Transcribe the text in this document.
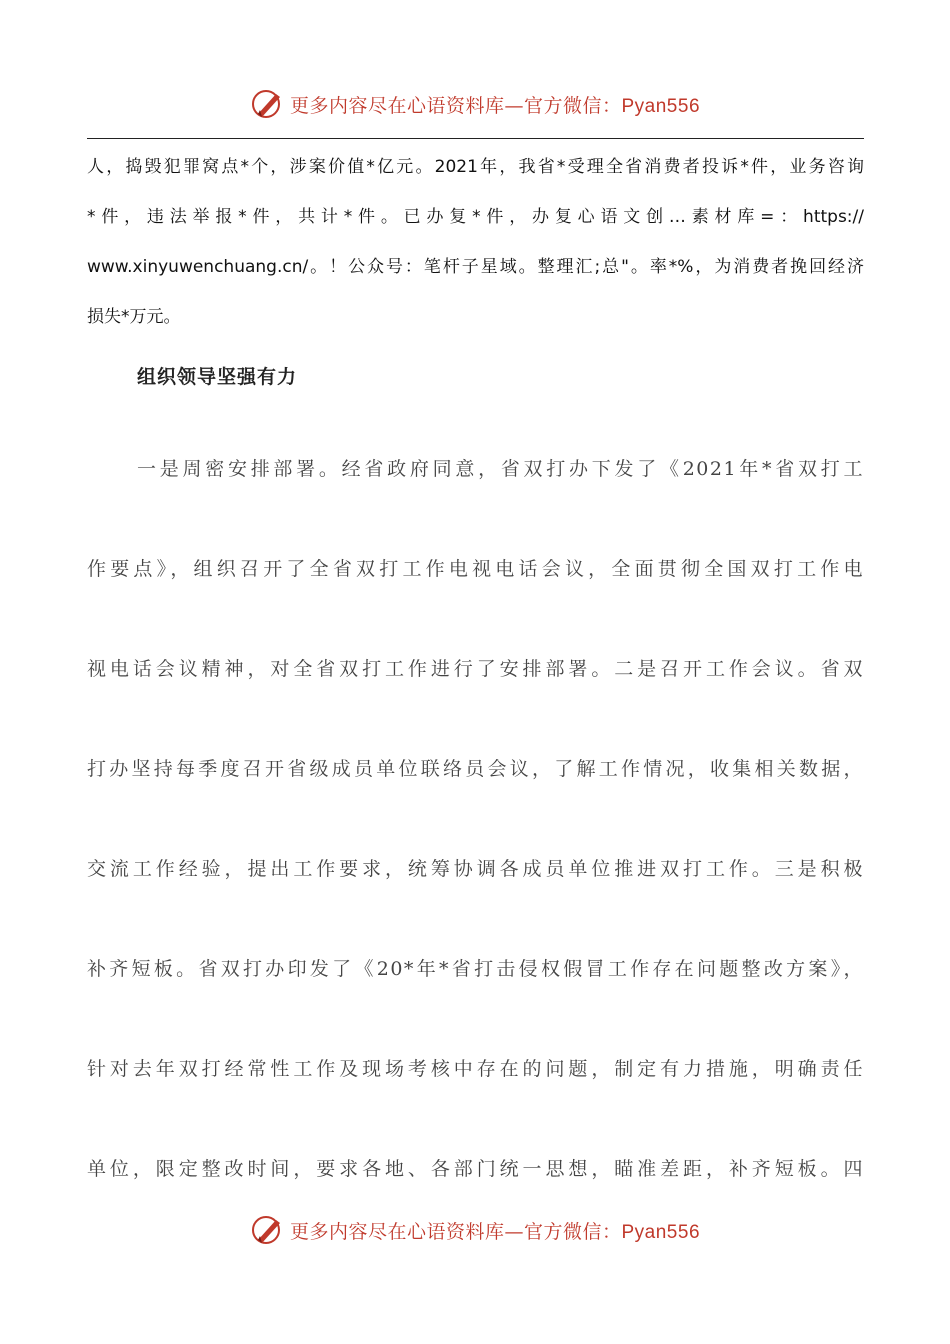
更多内容尽在心语资料库—官方微信：Pyan556
人，捣毁犯罪窝点*个，涉案价值*亿元。2021年，我省*受理全省消费者投诉*件，业务咨询
*件，违法举报*件，共计*件。已办复*件，办复心语文创…素材库=：https://
www.xinyuwenchuang.cn/。！公众号：笔杆子星域。整理汇;总"。率*%，为消费者挽回经济
损失*万元。
组织领导坚强有力
一是周密安排部署。经省政府同意，省双打办下发了《2021年*省双打工
作要点》，组织召开了全省双打工作电视电话会议，全面贯彻全国双打工作电
视电话会议精神，对全省双打工作进行了安排部署。二是召开工作会议。省双
打办坚持每季度召开省级成员单位联络员会议，了解工作情况，收集相关数据，
交流工作经验，提出工作要求，统筹协调各成员单位推进双打工作。三是积极
补齐短板。省双打办印发了《20*年*省打击侵权假冒工作存在问题整改方案》，
针对去年双打经常性工作及现场考核中存在的问题，制定有力措施，明确责任
单位，限定整改时间，要求各地、各部门统一思想，瞄准差距，补齐短板。四
更多内容尽在心语资料库—官方微信：Pyan556
